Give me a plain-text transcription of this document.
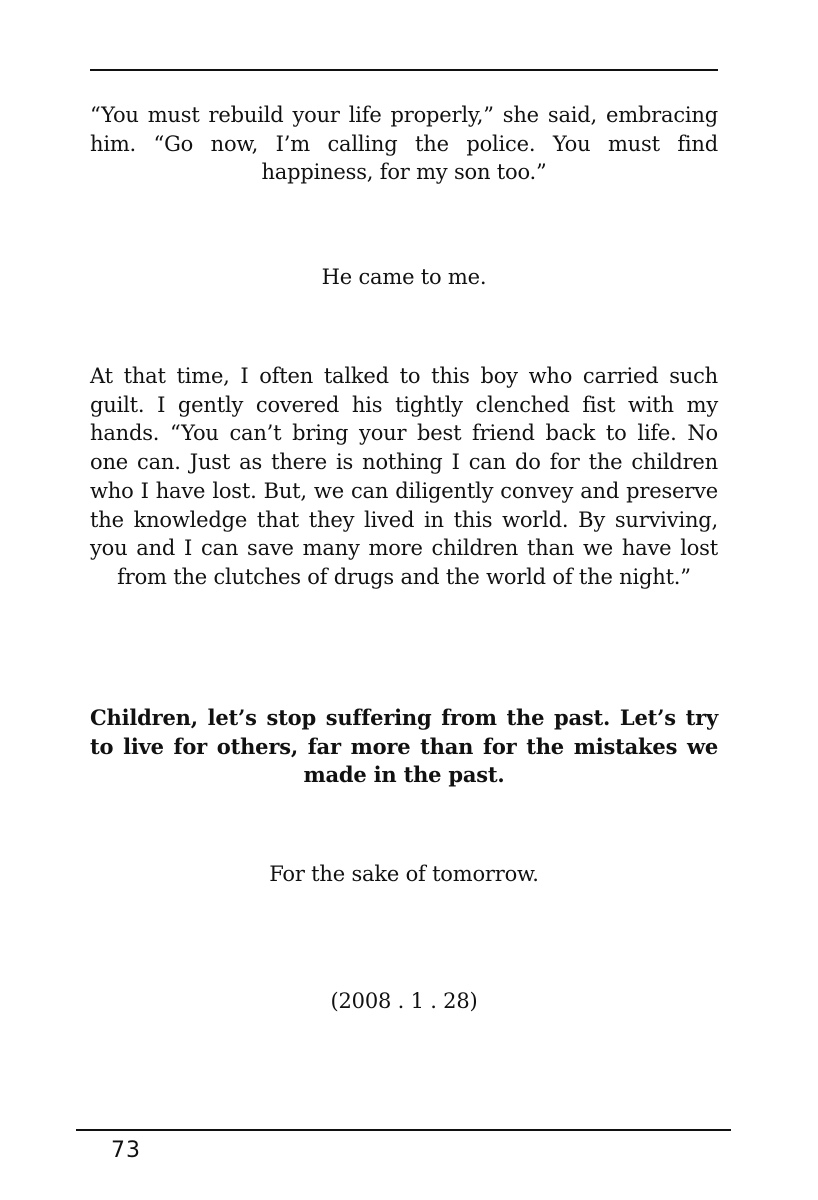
“You must rebuild your life properly,” she said, embracing him. “Go now, I’m calling the police. You must find happiness, for my son too.”

He came to me.

At that time, I often talked to this boy who carried such guilt. I gently covered his tightly clenched fist with my hands. “You can’t bring your best friend back to life. No one can. Just as there is nothing I can do for the children who I have lost. But, we can diligently convey and preserve the knowledge that they lived in this world. By surviving, you and I can save many more children than we have lost from the clutches of drugs and the world of the night.”

Children, let’s stop suffering from the past. Let’s try to live for others, far more than for the mistakes we made in the past.

For the sake of tomorrow.

(2008 . 1 . 28)

73
